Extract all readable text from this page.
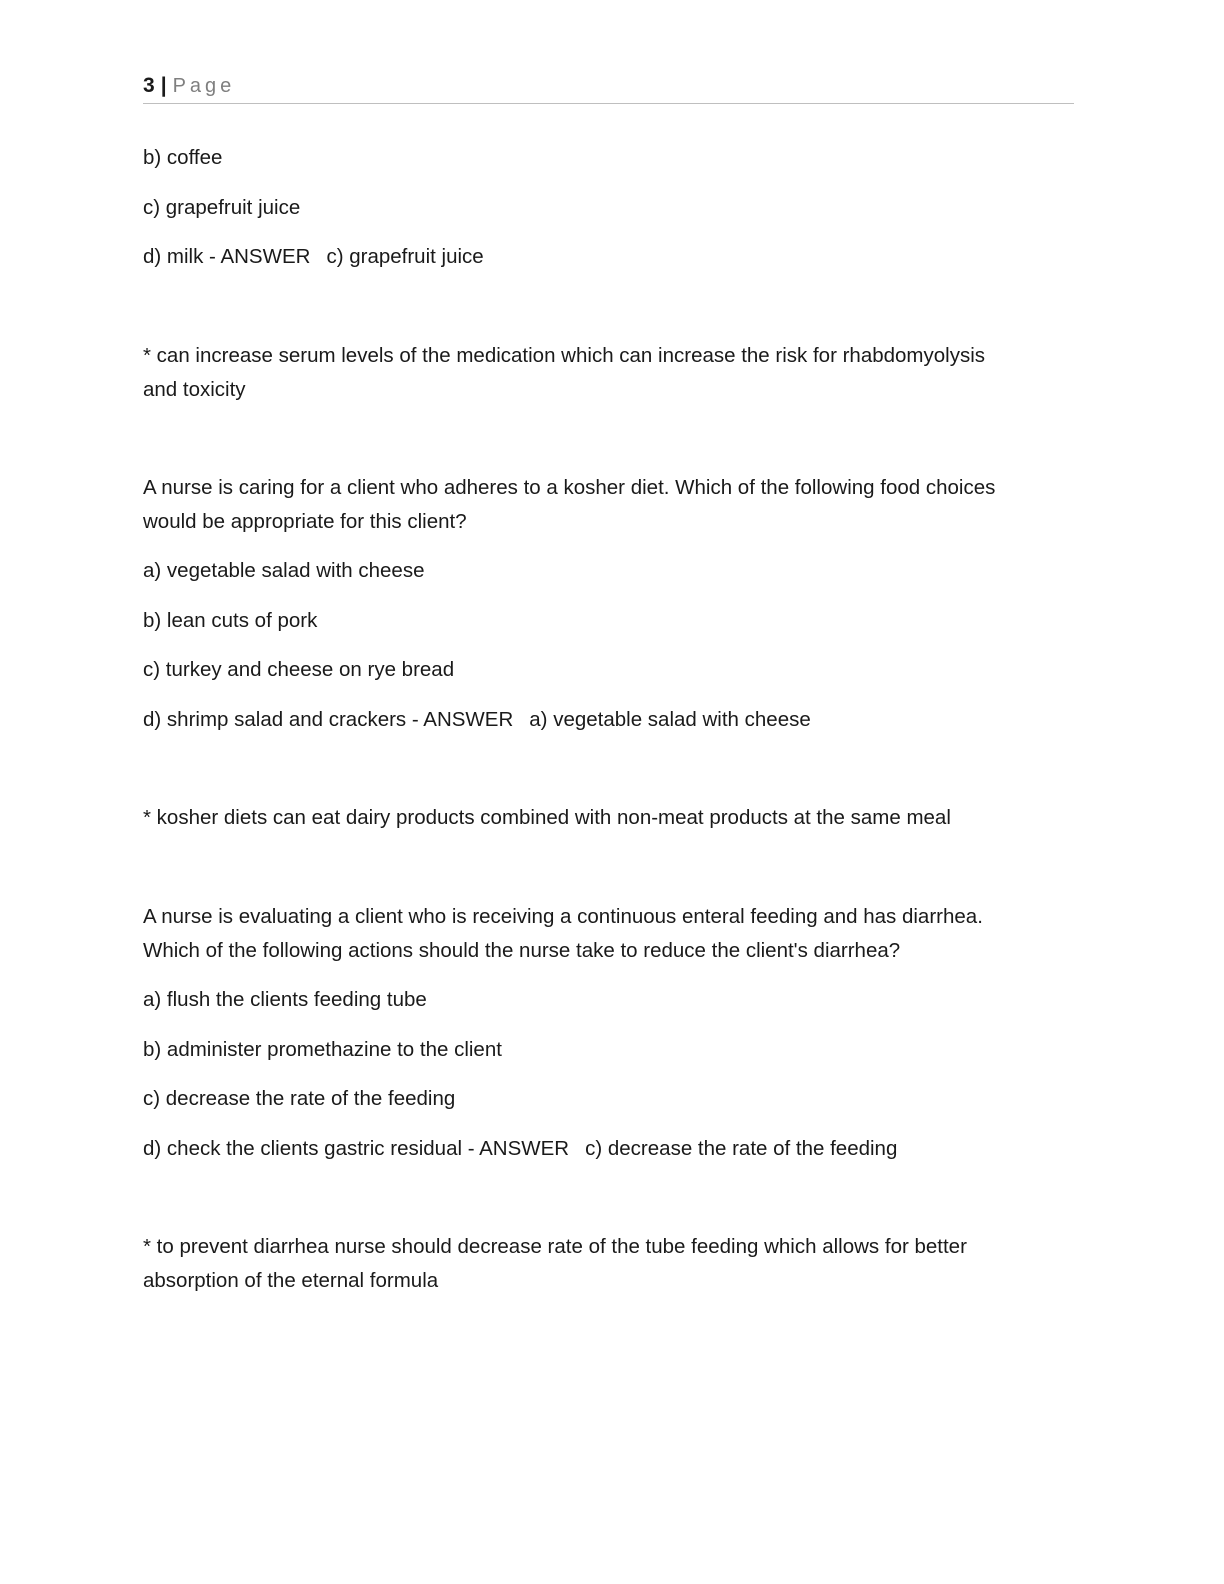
3 | Page
b) coffee
c) grapefruit juice
d) milk - ANSWER c) grapefruit juice
* can increase serum levels of the medication which can increase the risk for rhabdomyolysis
and toxicity
A nurse is caring for a client who adheres to a kosher diet. Which of the following food choices
would be appropriate for this client?
a) vegetable salad with cheese
b) lean cuts of pork
c) turkey and cheese on rye bread
d) shrimp salad and crackers - ANSWER a) vegetable salad with cheese
* kosher diets can eat dairy products combined with non-meat products at the same meal
A nurse is evaluating a client who is receiving a continuous enteral feeding and has diarrhea.
Which of the following actions should the nurse take to reduce the client's diarrhea?
a) flush the clients feeding tube
b) administer promethazine to the client
c) decrease the rate of the feeding
d) check the clients gastric residual - ANSWER c) decrease the rate of the feeding
* to prevent diarrhea nurse should decrease rate of the tube feeding which allows for better
absorption of the eternal formula
